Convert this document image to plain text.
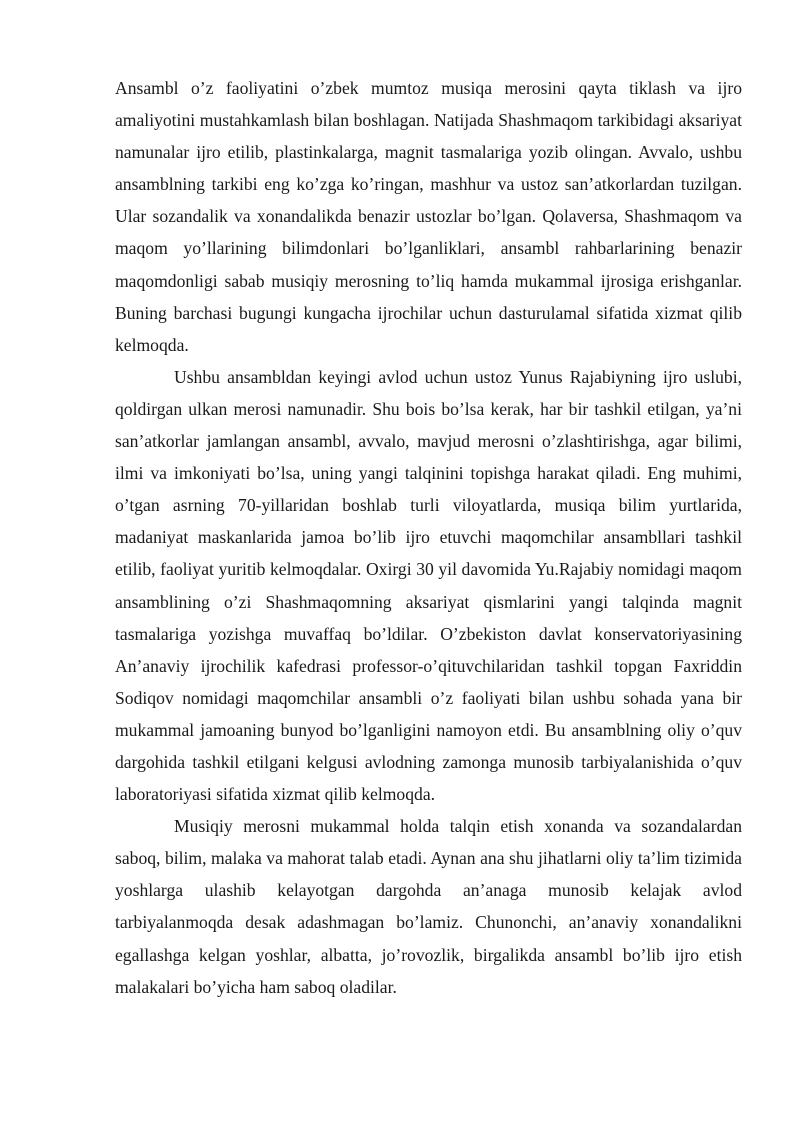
Ansambl o’z faoliyatini o’zbek mumtoz musiqa merosini qayta tiklash va ijro amaliyotini mustahkamlash bilan boshlagan. Natijada Shashmaqom tarkibidagi aksariyat namunalar ijro etilib, plastinkalarga, magnit tasmalariga yozib olingan. Avvalo, ushbu ansamblning tarkibi eng ko’zga ko’ringan, mashhur va ustoz san’atkorlardan tuzilgan. Ular sozandalik va xonandalikda benazir ustozlar bo’lgan. Qolaversa, Shashmaqom va maqom yo’llarining bilimdonlari bo’lganliklari, ansambl rahbarlarining benazir maqomdonligi sabab musiqiy merosning to’liq hamda mukammal ijrosiga erishganlar. Buning barchasi bugungi kungacha ijrochilar uchun dasturulamal sifatida xizmat qilib kelmoqda.

Ushbu ansambldan keyingi avlod uchun ustoz Yunus Rajabiyning ijro uslubi, qoldirgan ulkan merosi namunadir. Shu bois bo’lsa kerak, har bir tashkil etilgan, ya’ni san’atkorlar jamlangan ansambl, avvalo, mavjud merosni o’zlashtirishga, agar bilimi, ilmi va imkoniyati bo’lsa, uning yangi talqinini topishga harakat qiladi. Eng muhimi, o’tgan asrning 70-yillaridan boshlab turli viloyatlarda, musiqa bilim yurtlarida, madaniyat maskanlarida jamoa bo’lib ijro etuvchi maqomchilar ansambllari tashkil etilib, faoliyat yuritib kelmoqdalar. Oxirgi 30 yil davomida Yu.Rajabiy nomidagi maqom ansamblining o’zi Shashmaqomning aksariyat qismlarini yangi talqinda magnit tasmalariga yozishga muvaffaq bo’ldilar. O’zbekiston davlat konservatoriyasining An’anaviy ijrochilik kafedrasi professor-o’qituvchilaridan tashkil topgan Faxriddin Sodiqov nomidagi maqomchilar ansambli o’z faoliyati bilan ushbu sohada yana bir mukammal jamoaning bunyod bo’lganligini namoyon etdi. Bu ansamblning oliy o’quv dargohida tashkil etilgani kelgusi avlodning zamonga munosib tarbiyalanishida o’quv laboratoriyasi sifatida xizmat qilib kelmoqda.

Musiqiy merosni mukammal holda talqin etish xonanda va sozandalardan saboq, bilim, malaka va mahorat talab etadi. Aynan ana shu jihatlarni oliy ta’lim tizimida yoshlarga ulashib kelayotgan dargohda an’anaga munosib kelajak avlod tarbiyalanmoqda desak adashmagan bo’lamiz. Chunonchi, an’anaviy xonandalikni egallashga kelgan yoshlar, albatta, jo’rovozlik, birgalikda ansambl bo’lib ijro etish malakalari bo’yicha ham saboq oladilar.
